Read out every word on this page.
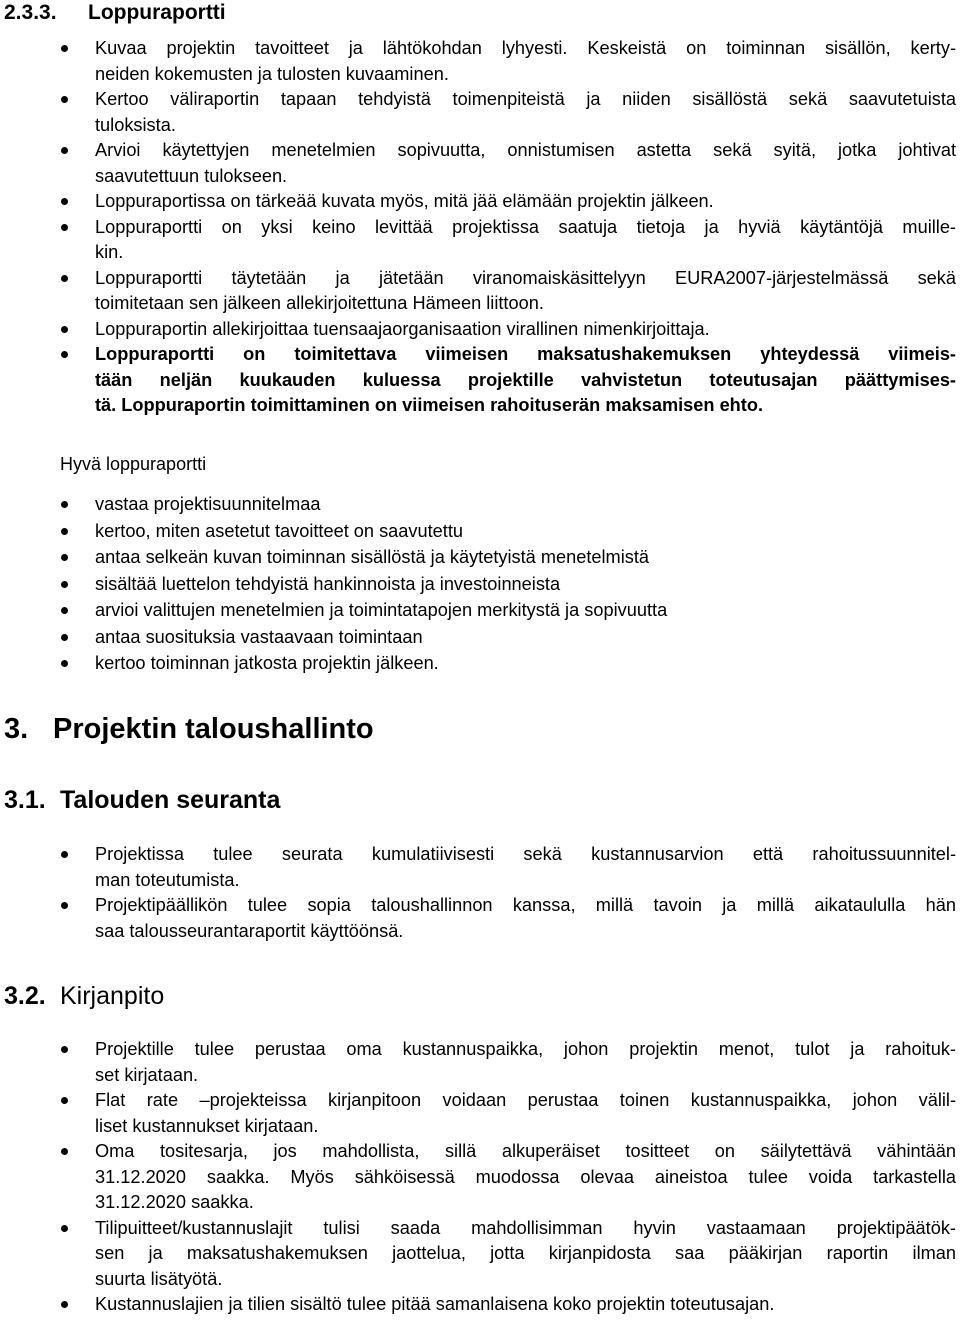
2.3.3. Loppuraportti
Kuvaa projektin tavoitteet ja lähtökohdan lyhyesti. Keskeistä on toiminnan sisällön, kerty-
neiden kokemusten ja tulosten kuvaaminen.
Kertoo väliraportin tapaan tehdyistä toimenpiteistä ja niiden sisällöstä sekä saavutetuista
tuloksista.
Arvioi käytettyjen menetelmien sopivuutta, onnistumisen astetta sekä syitä, jotka johtivat
saavutettuun tulokseen.
Loppuraportissa on tärkeää kuvata myös, mitä jää elämään projektin jälkeen.
Loppuraportti on yksi keino levittää projektissa saatuja tietoja ja hyviä käytäntöjä muille-
kin.
Loppuraportti täytetään ja jätetään viranomaiskäsittelyyn EURA2007-järjestelmässä sekä
toimitetaan sen jälkeen allekirjoitettuna Hämeen liittoon.
Loppuraportin allekirjoittaa tuensaajaorganisaation virallinen nimenkirjoittaja.
Loppuraportti on toimitettava viimeisen maksatushakemuksen yhteydessä viimeis-
tään neljän kuukauden kuluessa projektille vahvistetun toteutusajan päättymises-
tä. Loppuraportin toimittaminen on viimeisen rahoituserän maksamisen ehto.
Hyvä loppuraportti
vastaa projektisuunnitelmaa
kertoo, miten asetetut tavoitteet on saavutettu
antaa selkeän kuvan toiminnan sisällöstä ja käytetyistä menetelmistä
sisältää luettelon tehdyistä hankinnoista ja investoinneista
arvioi valittujen menetelmien ja toimintatapojen merkitystä ja sopivuutta
antaa suosituksia vastaavaan toimintaan
kertoo toiminnan jatkosta projektin jälkeen.
3. Projektin taloushallinto
3.1. Talouden seuranta
Projektissa tulee seurata kumulatiivisesti sekä kustannusarvion että rahoitussuunnitel-
man toteutumista.
Projektipäällikön tulee sopia taloushallinnon kanssa, millä tavoin ja millä aikataululla hän
saa talousseurantaraportit käyttöönsä.
3.2. Kirjanpito
Projektille tulee perustaa oma kustannuspaikka, johon projektin menot, tulot ja rahoituk-
set kirjataan.
Flat rate –projekteissa kirjanpitoon voidaan perustaa toinen kustannuspaikka, johon välil-
liset kustannukset kirjataan.
Oma tositesarja, jos mahdollista, sillä alkuperäiset tositteet on säilytettävä vähintään
31.12.2020 saakka. Myös sähköisessä muodossa olevaa aineistoa tulee voida tarkastella
31.12.2020 saakka.
Tilipuitteet/kustannuslajit tulisi saada mahdollisimman hyvin vastaamaan projektipäätök-
sen ja maksatushakemuksen jaottelua, jotta kirjanpidosta saa pääkirjan raportin ilman
suurta lisätyötä.
Kustannuslajien ja tilien sisältö tulee pitää samanlaisena koko projektin toteutusajan.
